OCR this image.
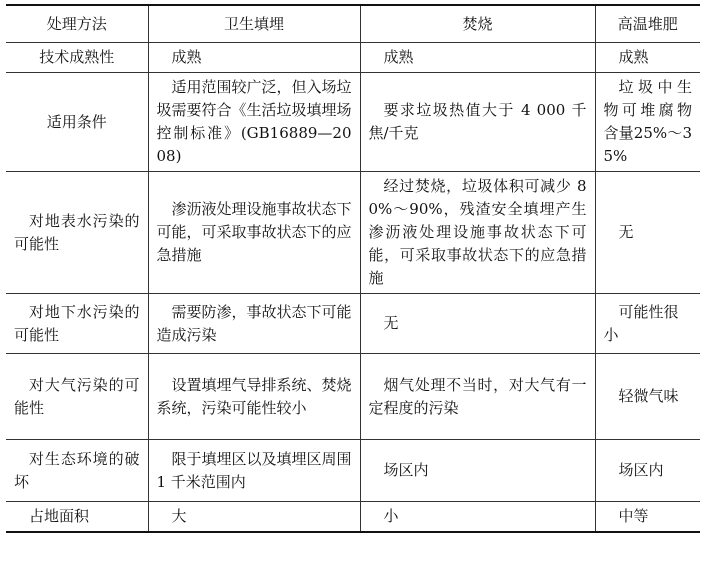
处理方法	卫生填埋	焚烧	高温堆肥
技术成熟性	成熟	成熟	成熟
适用条件	适用范围较广泛，但入场垃圾需要符合《生活垃圾填埋场控制标准》(GB16889—2008)	要求垃圾热值大于 4 000 千焦/千克	垃圾中生物可堆腐物含量25%～35%
对地表水污染的可能性	渗沥液处理设施事故状态下可能，可采取事故状态下的应急措施	经过焚烧，垃圾体积可减少 80%～90%，残渣安全填埋产生渗沥液处理设施事故状态下可能，可采取事故状态下的应急措施	无
对地下水污染的可能性	需要防渗，事故状态下可能造成污染	无	可能性很小
对大气污染的可能性	设置填埋气导排系统、焚烧系统，污染可能性较小	烟气处理不当时，对大气有一定程度的污染	轻微气味
对生态环境的破坏	限于填埋区以及填埋区周围 1 千米范围内	场区内	场区内
占地面积	大	小	中等
